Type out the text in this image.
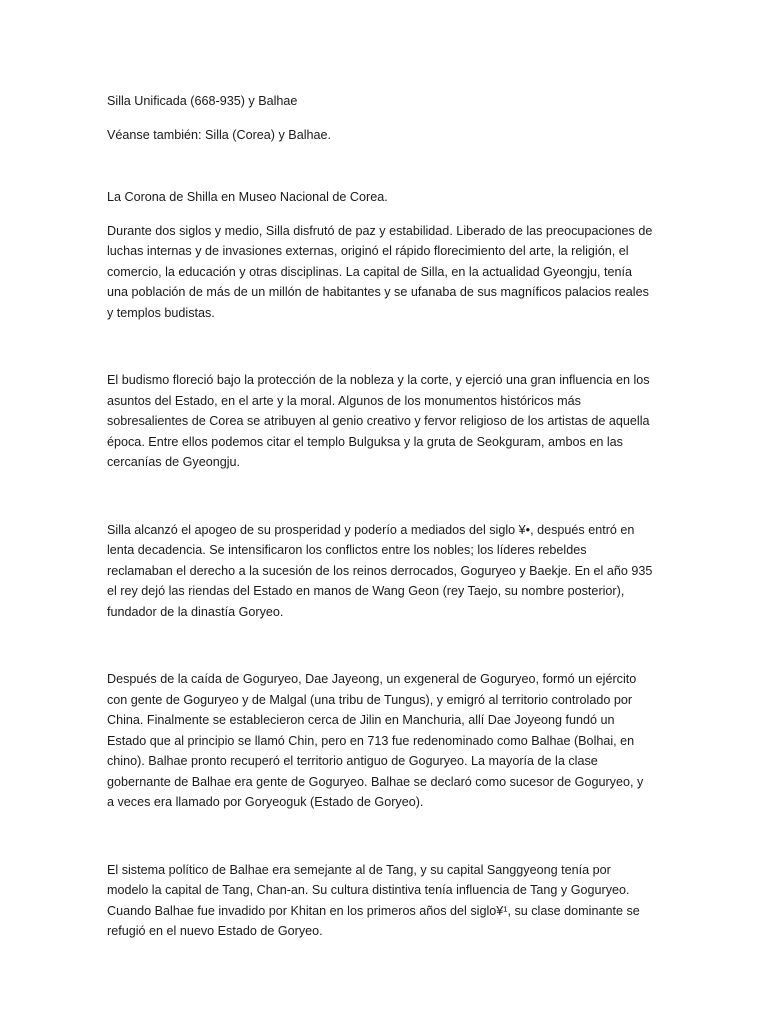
Silla Unificada (668-935) y Balhae

Véanse también: Silla (Corea) y Balhae.

La Corona de Shilla en Museo Nacional de Corea.

Durante dos siglos y medio, Silla disfrutó de paz y estabilidad. Liberado de las preocupaciones de luchas internas y de invasiones externas, originó el rápido florecimiento del arte, la religión, el comercio, la educación y otras disciplinas. La capital de Silla, en la actualidad Gyeongju, tenía una población de más de un millón de habitantes y se ufanaba de sus magníficos palacios reales y templos budistas.

El budismo floreció bajo la protección de la nobleza y la corte, y ejerció una gran influencia en los asuntos del Estado, en el arte y la moral. Algunos de los monumentos históricos más sobresalientes de Corea se atribuyen al genio creativo y fervor religioso de los artistas de aquella época. Entre ellos podemos citar el templo Bulguksa y la gruta de Seokguram, ambos en las cercanías de Gyeongju.

Silla alcanzó el apogeo de su prosperidad y poderío a mediados del siglo ¥•, después entró en lenta decadencia. Se intensificaron los conflictos entre los nobles; los líderes rebeldes reclamaban el derecho a la sucesión de los reinos derrocados, Goguryeo y Baekje. En el año 935 el rey dejó las riendas del Estado en manos de Wang Geon (rey Taejo, su nombre posterior), fundador de la dinastía Goryeo.

Después de la caída de Goguryeo, Dae Jayeong, un exgeneral de Goguryeo, formó un ejército con gente de Goguryeo y de Malgal (una tribu de Tungus), y emigró al territorio controlado por China. Finalmente se establecieron cerca de Jilin en Manchuria, allí Dae Joyeong fundó un Estado que al principio se llamó Chin, pero en 713 fue redenominado como Balhae (Bolhai, en chino). Balhae pronto recuperó el territorio antiguo de Goguryeo. La mayoría de la clase gobernante de Balhae era gente de Goguryeo. Balhae se declaró como sucesor de Goguryeo, y a veces era llamado por Goryeoguk (Estado de Goryeo).

El sistema político de Balhae era semejante al de Tang, y su capital Sanggyeong tenía por modelo la capital de Tang, Chan-an. Su cultura distintiva tenía influencia de Tang y Goguryeo. Cuando Balhae fue invadido por Khitan en los primeros años del siglo¥¹, su clase dominante se refugió en el nuevo Estado de Goryeo.
